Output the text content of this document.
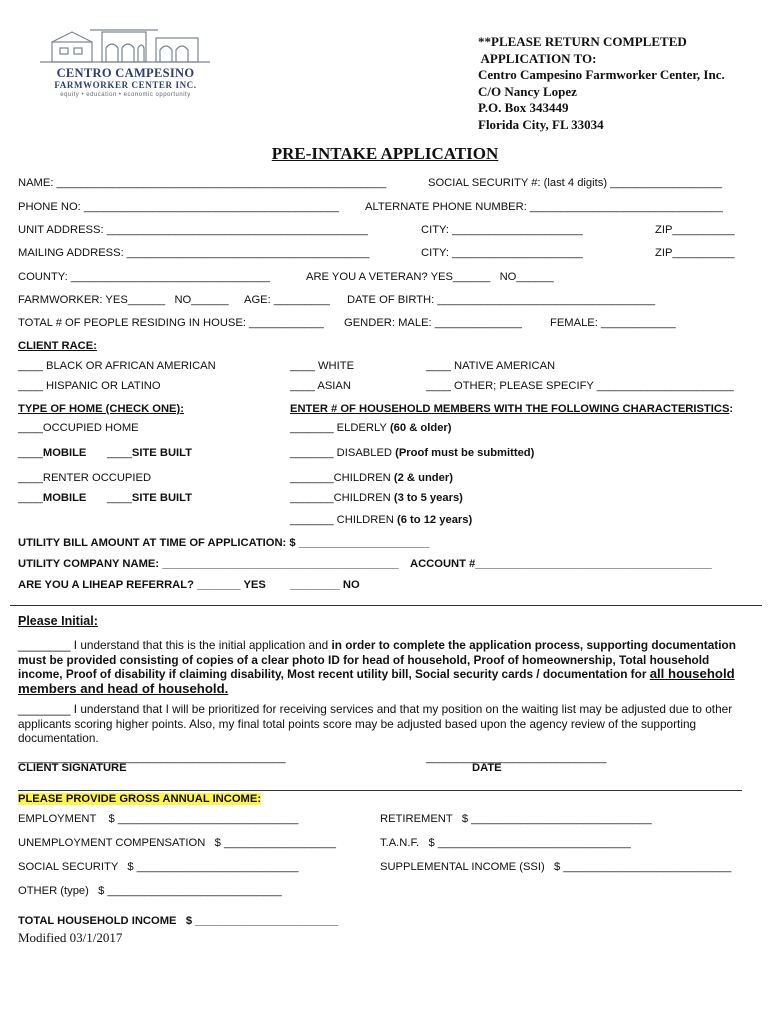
CENTRO CAMPESINO
FARMWORKER CENTER INC.
equity • education • economic opportunity
**PLEASE RETURN COMPLETED
APPLICATION TO:
Centro Campesino Farmworker Center, Inc.
C/O Nancy Lopez
P.O. Box 343449
Florida City, FL 33034
PRE-INTAKE APPLICATION
NAME: _____________________________________________________	SOCIAL SECURITY #: (last 4 digits) __________________
PHONE NO: _________________________________________ ALTERNATE PHONE NUMBER: _______________________________
UNIT ADDRESS: __________________________________________	CITY: _____________________	ZIP__________
MAILING ADDRESS: _______________________________________	CITY: _____________________	ZIP__________
COUNTY: ________________________________	ARE YOU A VETERAN? YES______   NO______
FARMWORKER: YES______   NO______ AGE: _________ DATE OF BIRTH: ___________________________________
TOTAL # OF PEOPLE RESIDING IN HOUSE: ____________ GENDER: MALE: ______________	FEMALE: ____________
CLIENT RACE:
____ BLACK OR AFRICAN AMERICAN	____ WHITE	____ NATIVE AMERICAN
____ HISPANIC OR LATINO	____ ASIAN	____ OTHER; PLEASE SPECIFY ______________________
TYPE OF HOME (CHECK ONE):
____OCCUPIED HOME
____MOBILE ____SITE BUILT
____RENTER OCCUPIED
____MOBILE ____SITE BUILT
ENTER # OF HOUSEHOLD MEMBERS WITH THE FOLLOWING CHARACTERISTICS:
_______ ELDERLY (60 & older)
_______ DISABLED (Proof must be submitted)
_______CHILDREN (2 & under)
_______CHILDREN (3 to 5 years)
_______ CHILDREN (6 to 12 years)
UTILITY BILL AMOUNT AT TIME OF APPLICATION: $ _____________________
UTILITY COMPANY NAME: ______________________________________ ACCOUNT #______________________________________
ARE YOU A LIHEAP REFERRAL? _______ YES ________ NO
Please Initial:
________ I understand that this is the initial application and in order to complete the application process, supporting documentation must be provided consisting of copies of a clear photo ID for head of household, Proof of homeownership, Total household income, Proof of disability if claiming disability, Most recent utility bill, Social security cards / documentation for all household members and head of household.
________ I understand that I will be prioritized for receiving services and that my position on the waiting list may be adjusted due to other applicants scoring higher points. Also, my final total points score may be adjusted based upon the agency review of the supporting documentation.
___________________________________________	_____________________________
CLIENT SIGNATURE	DATE
PLEASE PROVIDE GROSS ANNUAL INCOME:
EMPLOYMENT    $ _____________________________	RETIREMENT   $ _____________________________
UNEMPLOYMENT COMPENSATION   $ __________________	T.A.N.F.   $ _______________________________
SOCIAL SECURITY   $ __________________________	SUPPLEMENTAL INCOME (SSI)   $ ___________________________
OTHER (type)   $ ____________________________
TOTAL HOUSEHOLD INCOME   $ _______________________
Modified 03/1/2017
